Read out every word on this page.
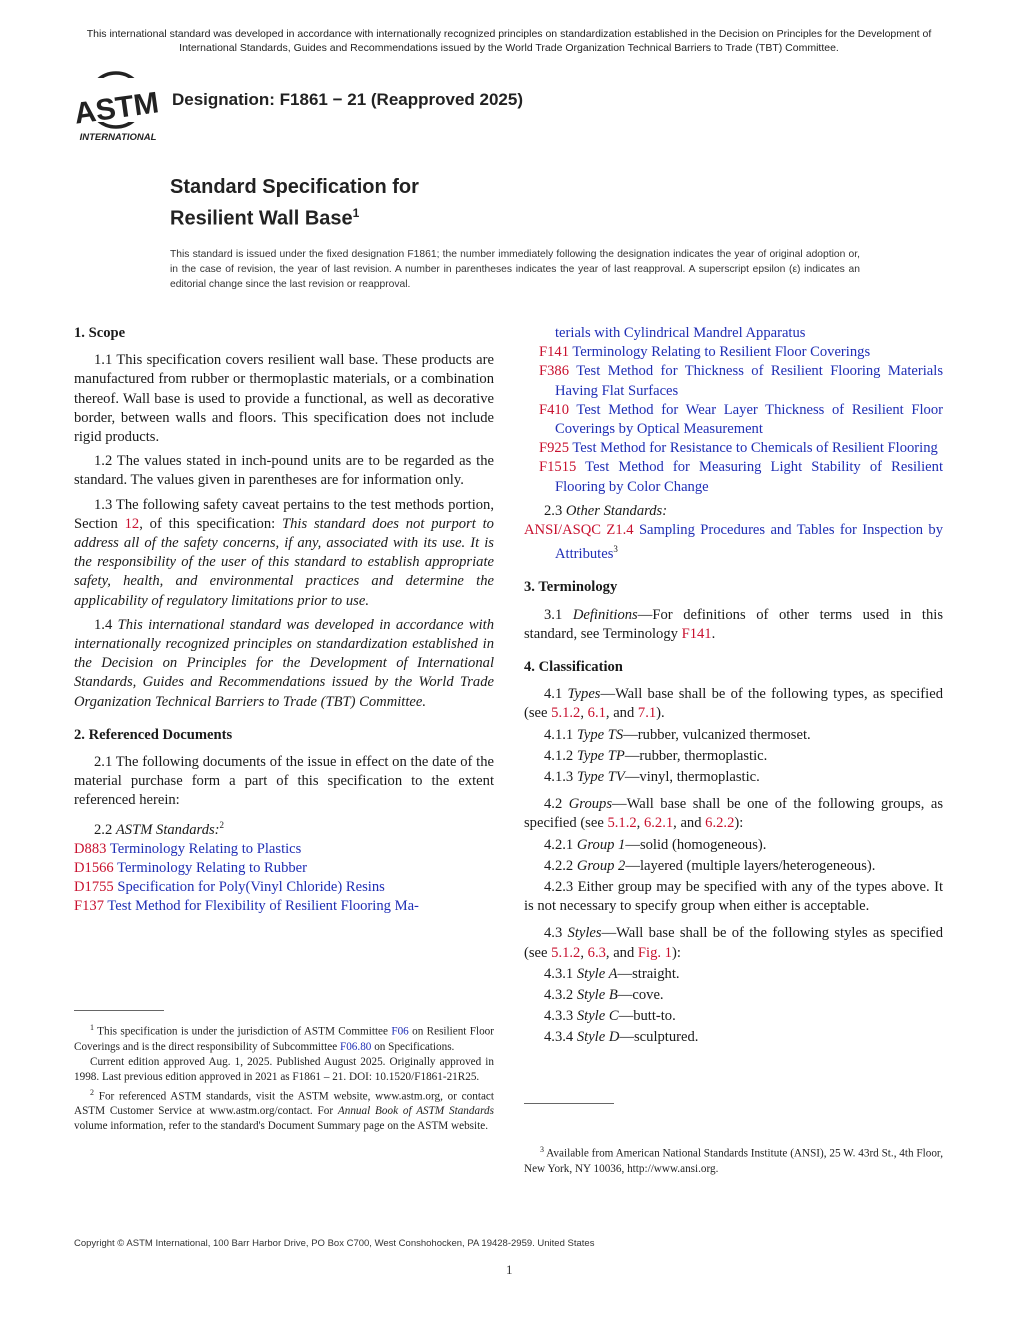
This international standard was developed in accordance with internationally recognized principles on standardization established in the Decision on Principles for the Development of International Standards, Guides and Recommendations issued by the World Trade Organization Technical Barriers to Trade (TBT) Committee.
ASTM
INTERNATIONAL
Designation: F1861 − 21 (Reapproved 2025)
Standard Specification for
Resilient Wall Base$^1$
This standard is issued under the fixed designation F1861; the number immediately following the designation indicates the year of original adoption or, in the case of revision, the year of last revision. A number in parentheses indicates the year of last reapproval. A superscript epsilon (ε) indicates an editorial change since the last revision or reapproval.

1. Scope

1.1 This specification covers resilient wall base. These products are manufactured from rubber or thermoplastic materials, or a combination thereof. Wall base is used to provide a functional, as well as decorative border, between walls and floors. This specification does not include rigid products.

1.2 The values stated in inch-pound units are to be regarded as the standard. The values given in parentheses are for information only.

1.3 The following safety caveat pertains to the test methods portion, Section 12, of this specification: This standard does not purport to address all of the safety concerns, if any, associated with its use. It is the responsibility of the user of this standard to establish appropriate safety, health, and environmental practices and determine the applicability of regulatory limitations prior to use.

1.4 This international standard was developed in accordance with internationally recognized principles on standardization established in the Decision on Principles for the Development of International Standards, Guides and Recommendations issued by the World Trade Organization Technical Barriers to Trade (TBT) Committee.

2. Referenced Documents

2.1 The following documents of the issue in effect on the date of the material purchase form a part of this specification to the extent referenced herein:

2.2 ASTM Standards:$^2$

D883 Terminology Relating to Plastics

D1566 Terminology Relating to Rubber

D1755 Specification for Poly(Vinyl Chloride) Resins

F137 Test Method for Flexibility of Resilient Flooring Ma-

terials with Cylindrical Mandrel Apparatus

F141 Terminology Relating to Resilient Floor Coverings

F386 Test Method for Thickness of Resilient Flooring Materials Having Flat Surfaces

F410 Test Method for Wear Layer Thickness of Resilient Floor Coverings by Optical Measurement

F925 Test Method for Resistance to Chemicals of Resilient Flooring

F1515 Test Method for Measuring Light Stability of Resilient Flooring by Color Change

2.3 Other Standards:

ANSI/ASQC Z1.4 Sampling Procedures and Tables for Inspection by Attributes$^3$

3. Terminology

3.1 Definitions—For definitions of other terms used in this standard, see Terminology F141.

4. Classification

4.1 Types—Wall base shall be of the following types, as specified (see 5.1.2, 6.1, and 7.1).

4.1.1 Type TS—rubber, vulcanized thermoset.

4.1.2 Type TP—rubber, thermoplastic.

4.1.3 Type TV—vinyl, thermoplastic.

4.2 Groups—Wall base shall be one of the following groups, as specified (see 5.1.2, 6.2.1, and 6.2.2):

4.2.1 Group 1—solid (homogeneous).

4.2.2 Group 2—layered (multiple layers/heterogeneous).

4.2.3 Either group may be specified with any of the types above. It is not necessary to specify group when either is acceptable.

4.3 Styles—Wall base shall be of the following styles as specified (see 5.1.2, 6.3, and Fig. 1):

4.3.1 Style A—straight.

4.3.2 Style B—cove.

4.3.3 Style C—butt-to.

4.3.4 Style D—sculptured.

$^1$ This specification is under the jurisdiction of ASTM Committee F06 on Resilient Floor Coverings and is the direct responsibility of Subcommittee F06.80 on Specifications.

Current edition approved Aug. 1, 2025. Published August 2025. Originally approved in 1998. Last previous edition approved in 2021 as F1861 – 21. DOI: 10.1520/F1861-21R25.

$^2$ For referenced ASTM standards, visit the ASTM website, www.astm.org, or contact ASTM Customer Service at www.astm.org/contact. For Annual Book of ASTM Standards volume information, refer to the standard's Document Summary page on the ASTM website.

$^3$ Available from American National Standards Institute (ANSI), 25 W. 43rd St., 4th Floor, New York, NY 10036, http://www.ansi.org.

Copyright © ASTM International, 100 Barr Harbor Drive, PO Box C700, West Conshohocken, PA 19428-2959. United States
1
